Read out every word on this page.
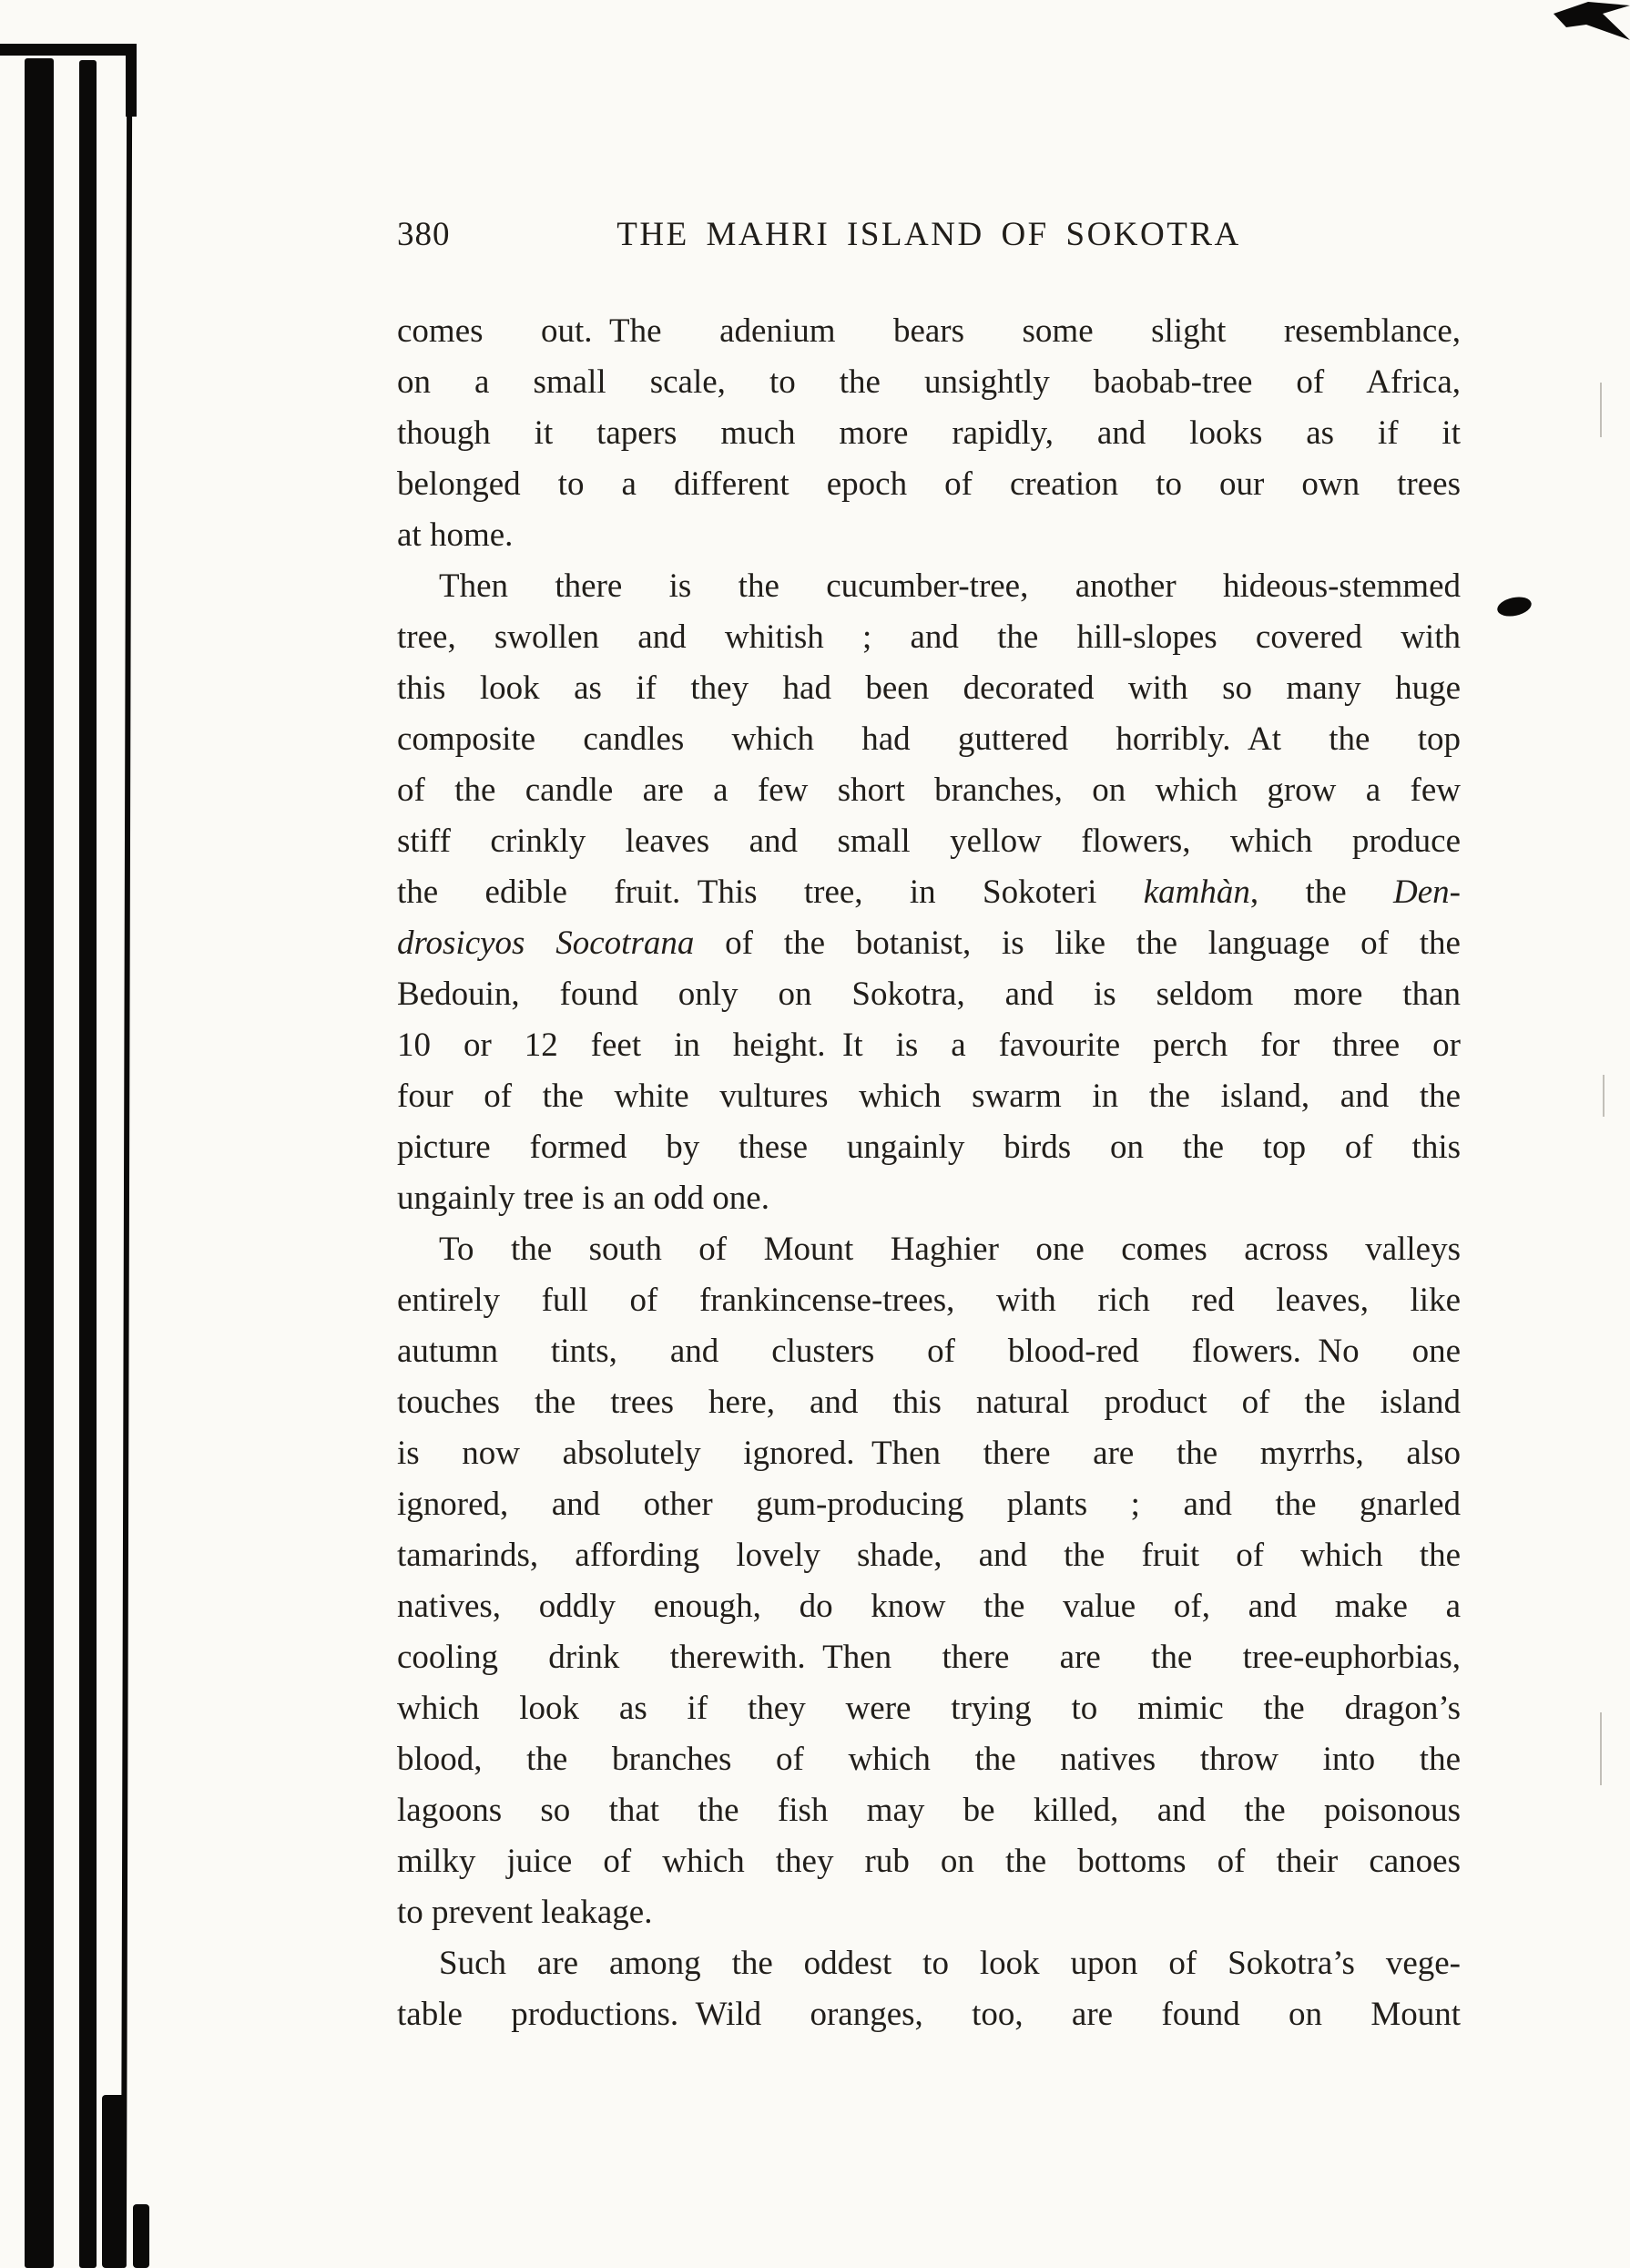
380	THE MAHRI ISLAND OF SOKOTRA
comes out. The adenium bears some slight resemblance,
on a small scale, to the unsightly baobab-tree of Africa,
though it tapers much more rapidly, and looks as if it
belonged to a different epoch of creation to our own trees
at home.
Then there is the cucumber-tree, another hideous-stemmed
tree, swollen and whitish ; and the hill-slopes covered with
this look as if they had been decorated with so many huge
composite candles which had guttered horribly. At the top
of the candle are a few short branches, on which grow a few
stiff crinkly leaves and small yellow flowers, which produce
the edible fruit. This tree, in Sokoteri kamhàn, the Den-
drosicyos Socotrana of the botanist, is like the language of the
Bedouin, found only on Sokotra, and is seldom more than
10 or 12 feet in height. It is a favourite perch for three or
four of the white vultures which swarm in the island, and the
picture formed by these ungainly birds on the top of this
ungainly tree is an odd one.
To the south of Mount Haghier one comes across valleys
entirely full of frankincense-trees, with rich red leaves, like
autumn tints, and clusters of blood-red flowers. No one
touches the trees here, and this natural product of the island
is now absolutely ignored. Then there are the myrrhs, also
ignored, and other gum-producing plants ; and the gnarled
tamarinds, affording lovely shade, and the fruit of which the
natives, oddly enough, do know the value of, and make a
cooling drink therewith. Then there are the tree-euphorbias,
which look as if they were trying to mimic the dragon’s
blood, the branches of which the natives throw into the
lagoons so that the fish may be killed, and the poisonous
milky juice of which they rub on the bottoms of their canoes
to prevent leakage.
Such are among the oddest to look upon of Sokotra’s vege-
table productions. Wild oranges, too, are found on Mount
